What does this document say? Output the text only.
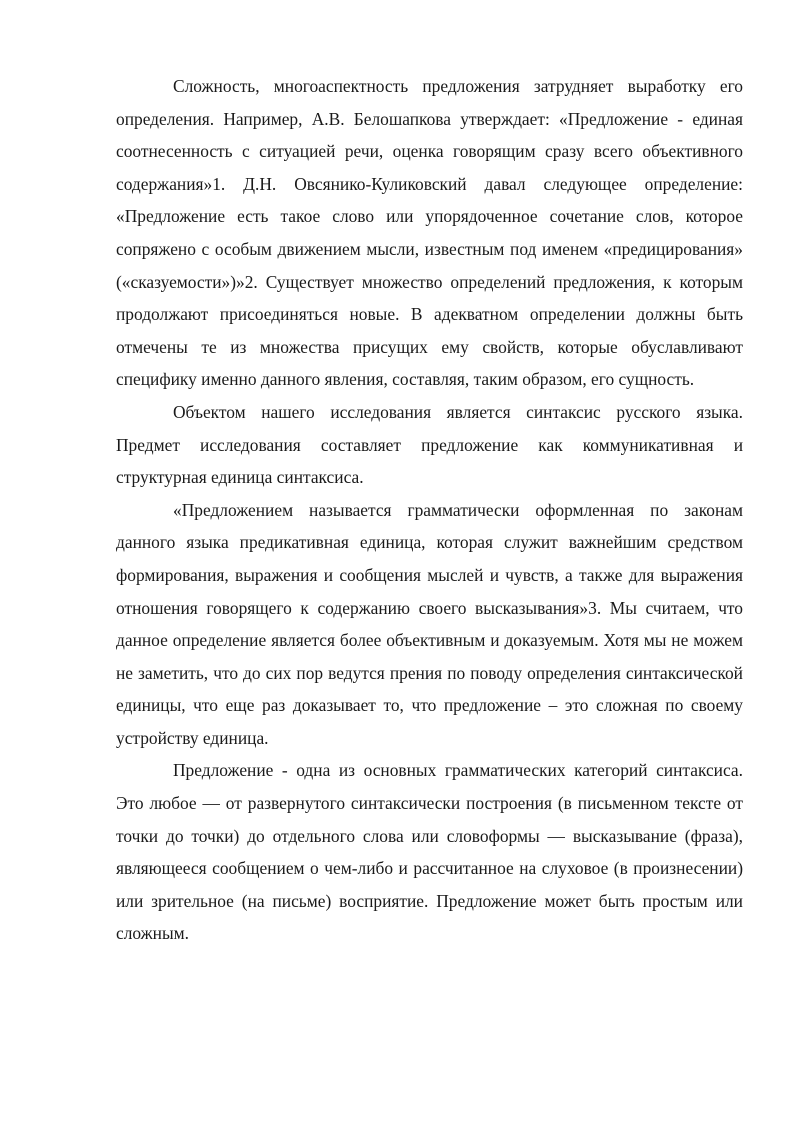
Сложность, многоаспектность предложения затрудняет выработку его определения. Например, А.В. Белошапкова утверждает: «Предложение - единая соотнесенность с ситуацией речи, оценка говорящим сразу всего объективного содержания»1. Д.Н. Овсянико-Куликовский давал следующее определение: «Предложение есть такое слово или упорядоченное сочетание слов, которое сопряжено с особым движением мысли, известным под именем «предицирования» («сказуемости»)»2. Существует множество определений предложения, к которым продолжают присоединяться новые. В адекватном определении должны быть отмечены те из множества присущих ему свойств, которые обуславливают специфику именно данного явления, составляя, таким образом, его сущность.

Объектом нашего исследования является синтаксис русского языка. Предмет исследования составляет предложение как коммуникативная и структурная единица синтаксиса.

«Предложением называется грамматически оформленная по законам данного языка предикативная единица, которая служит важнейшим средством формирования, выражения и сообщения мыслей и чувств, а также для выражения отношения говорящего к содержанию своего высказывания»3. Мы считаем, что данное определение является более объективным и доказуемым. Хотя мы не можем не заметить, что до сих пор ведутся прения по поводу определения синтаксической единицы, что еще раз доказывает то, что предложение – это сложная по своему устройству единица.

Предложение - одна из основных грамматических категорий синтаксиса. Это любое — от развернутого синтаксически построения (в письменном тексте от точки до точки) до отдельного слова или словоформы — высказывание (фраза), являющееся сообщением о чем-либо и рассчитанное на слуховое (в произнесении) или зрительное (на письме) восприятие. Предложение может быть простым или сложным.
